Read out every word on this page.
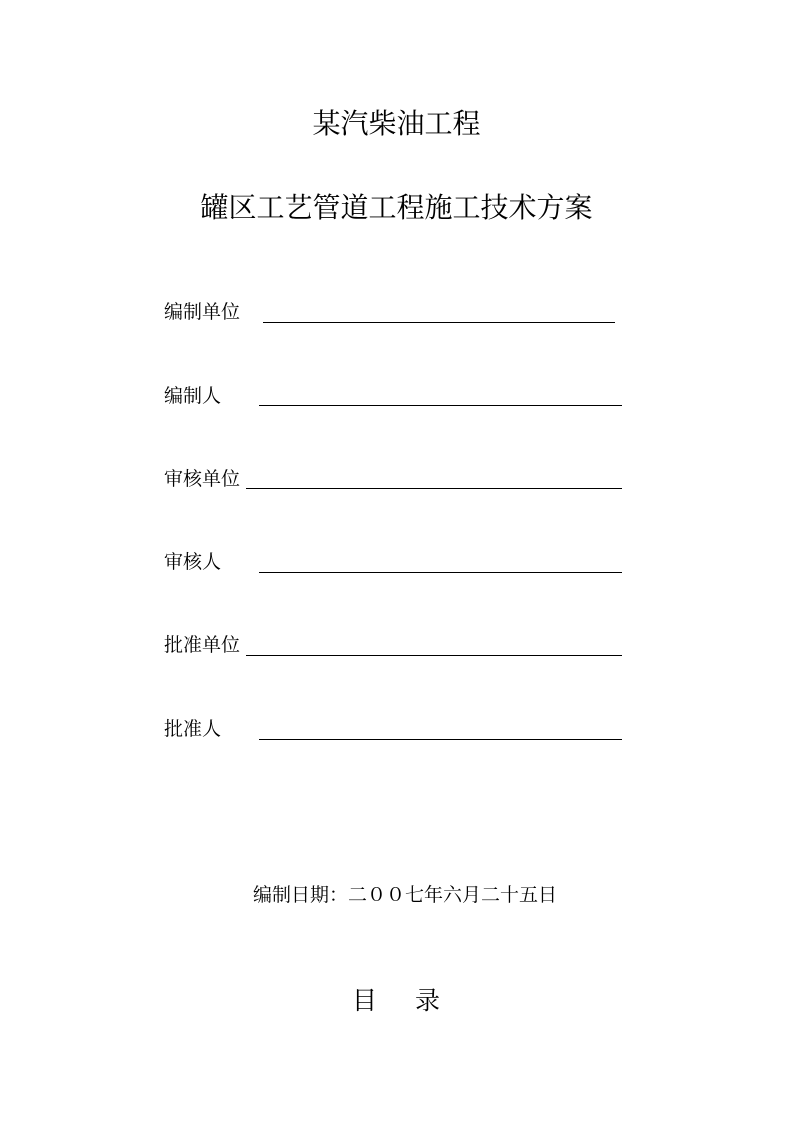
某汽柴油工程
罐区工艺管道工程施工技术方案
编制单位
编制人
审核单位
审核人
批准单位
批准人
编制日期：二００七年六月二十五日
目 录
